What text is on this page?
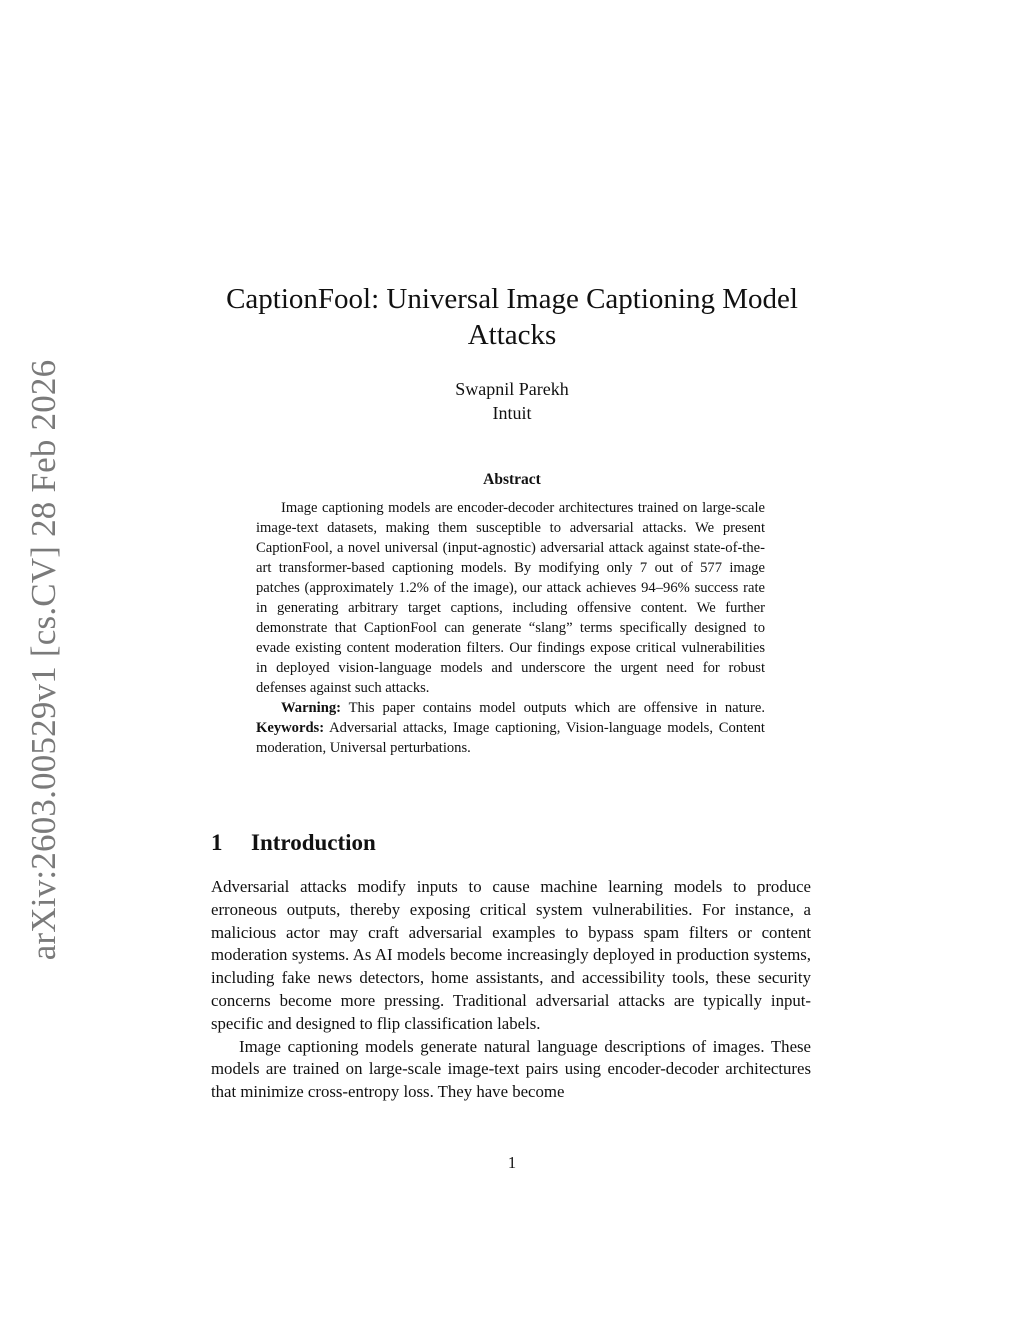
arXiv:2603.00529v1 [cs.CV] 28 Feb 2026
CaptionFool: Universal Image Captioning Model Attacks
Swapnil Parekh
Intuit
Abstract

Image captioning models are encoder-decoder architectures trained on large-scale image-text datasets, making them susceptible to adversarial attacks. We present CaptionFool, a novel universal (input-agnostic) adversarial attack against state-of-the-art transformer-based captioning models. By modifying only 7 out of 577 image patches (approximately 1.2% of the image), our attack achieves 94–96% success rate in generating arbitrary target captions, including offensive content. We further demonstrate that CaptionFool can generate “slang” terms specifically designed to evade existing content moderation filters. Our findings expose critical vulnerabilities in deployed vision-language models and underscore the urgent need for robust defenses against such attacks.

Warning: This paper contains model outputs which are offensive in nature. Keywords: Adversarial attacks, Image captioning, Vision-language models, Content moderation, Universal perturbations.

1 Introduction

Adversarial attacks modify inputs to cause machine learning models to produce erroneous outputs, thereby exposing critical system vulnerabilities. For instance, a malicious actor may craft adversarial examples to bypass spam filters or content moderation systems. As AI models become increasingly deployed in production systems, including fake news detectors, home assistants, and accessibility tools, these security concerns become more pressing. Traditional adversarial attacks are typically input-specific and designed to flip classification labels.

Image captioning models generate natural language descriptions of images. These models are trained on large-scale image-text pairs using encoder-decoder architectures that minimize cross-entropy loss. They have become

1
